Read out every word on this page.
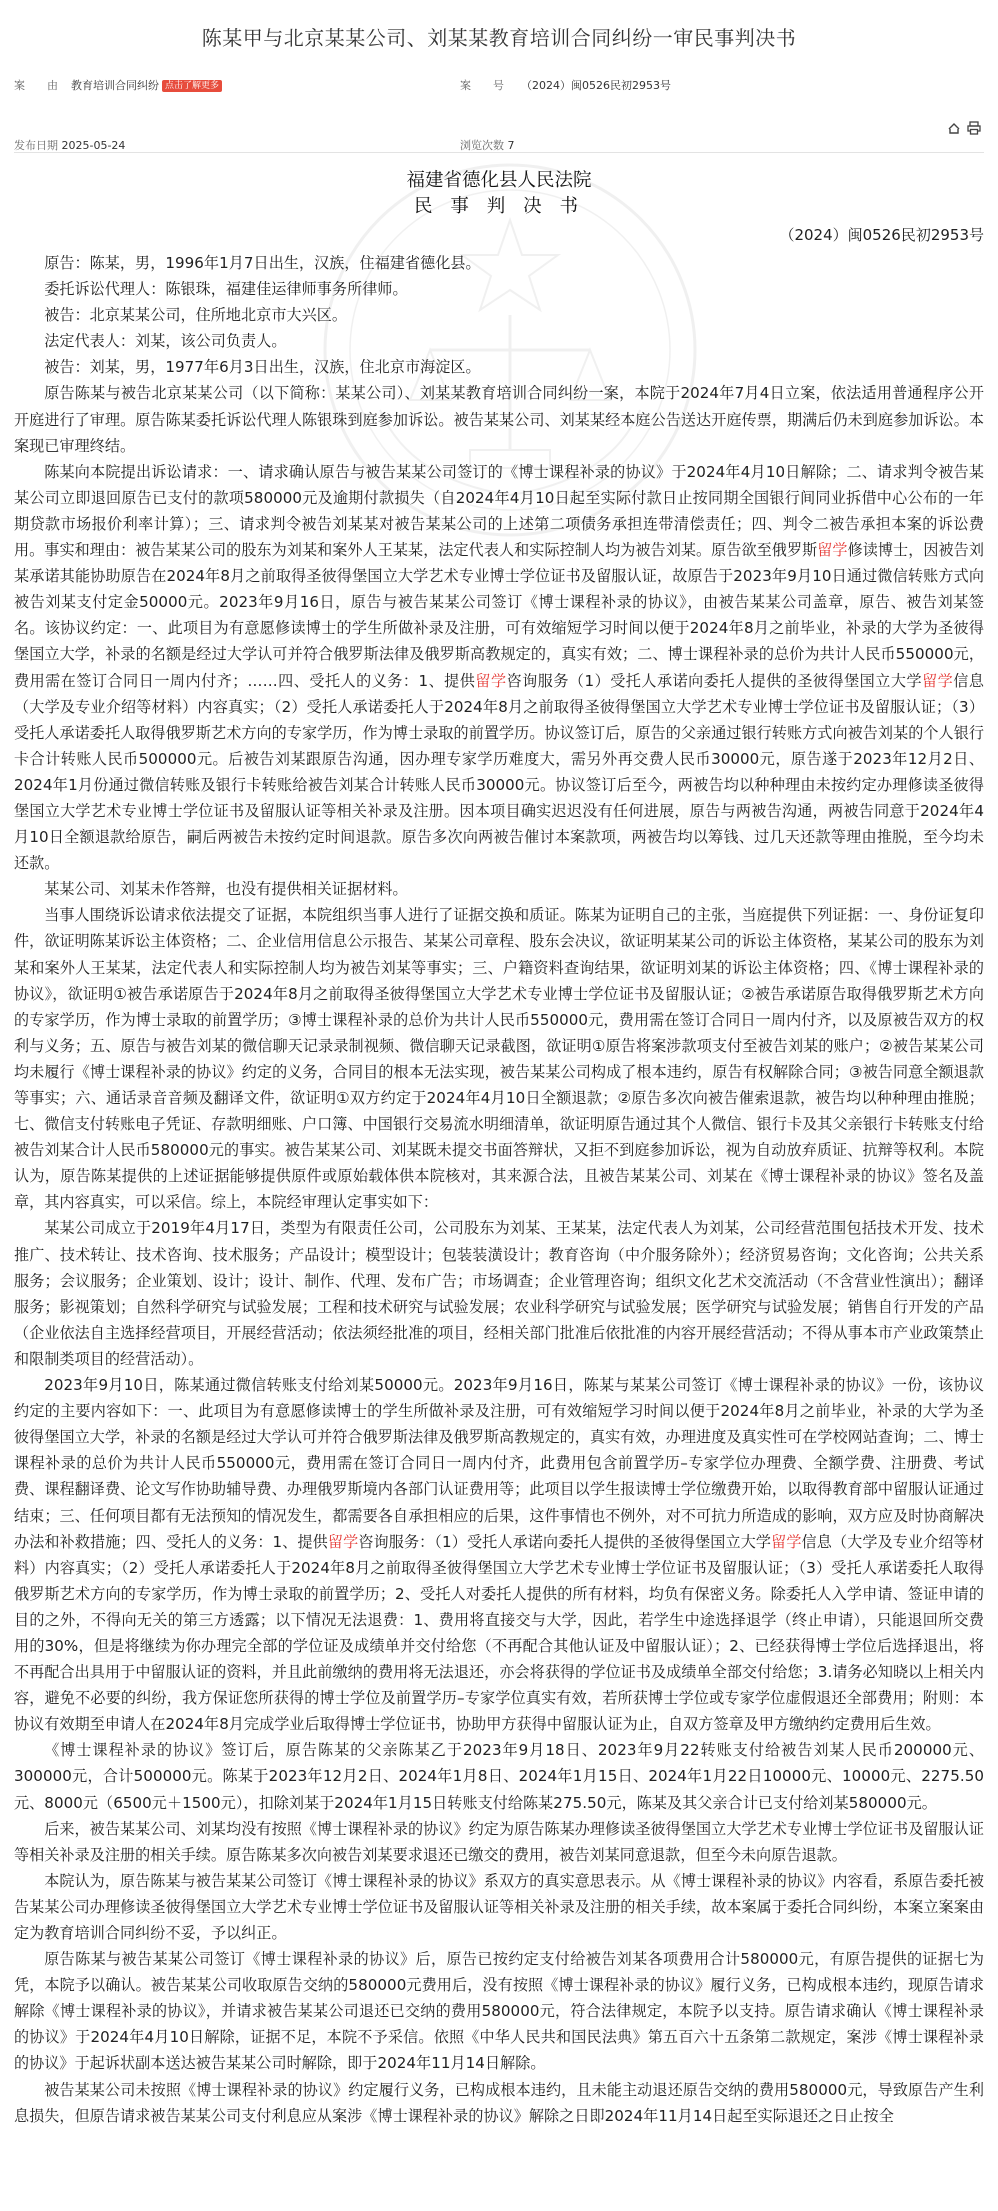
陈某甲与北京某某公司、刘某某教育培训合同纠纷一审民事判决书
案　　由 教育培训合同纠纷 点击了解更多	案　　号 （2024）闽0526民初2953号
发布日期 2025-05-24	浏览次数 7

福建省德化县人民法院

民 事 判 决 书

（2024）闽0526民初2953号

原告：陈某，男，1996年1月7日出生，汉族，住福建省德化县。

委托诉讼代理人：陈银珠，福建佳运律师事务所律师。

被告：北京某某公司，住所地北京市大兴区。

法定代表人：刘某，该公司负责人。

被告：刘某，男，1977年6月3日出生，汉族，住北京市海淀区。

原告陈某与被告北京某某公司（以下简称：某某公司）、刘某某教育培训合同纠纷一案，本院于2024年7月4日立案，依法适用普通程序公开开庭进行了审理。原告陈某委托诉讼代理人陈银珠到庭参加诉讼。被告某某公司、刘某某经本庭公告送达开庭传票，期满后仍未到庭参加诉讼。本案现已审理终结。

陈某向本院提出诉讼请求：一、请求确认原告与被告某某公司签订的《博士课程补录的协议》于2024年4月10日解除；二、请求判令被告某某公司立即退回原告已支付的款项580000元及逾期付款损失（自2024年4月10日起至实际付款日止按同期全国银行间同业拆借中心公布的一年期贷款市场报价利率计算）；三、请求判令被告刘某某对被告某某公司的上述第二项债务承担连带清偿责任；四、判令二被告承担本案的诉讼费用。事实和理由：被告某某公司的股东为刘某和案外人王某某，法定代表人和实际控制人均为被告刘某。原告欲至俄罗斯留学修读博士，因被告刘某承诺其能协助原告在2024年8月之前取得圣彼得堡国立大学艺术专业博士学位证书及留服认证，故原告于2023年9月10日通过微信转账方式向被告刘某支付定金50000元。2023年9月16日，原告与被告某某公司签订《博士课程补录的协议》，由被告某某公司盖章，原告、被告刘某签名。该协议约定：一、此项目为有意愿修读博士的学生所做补录及注册，可有效缩短学习时间以便于2024年8月之前毕业，补录的大学为圣彼得堡国立大学，补录的名额是经过大学认可并符合俄罗斯法律及俄罗斯高教规定的，真实有效；二、博士课程补录的总价为共计人民币550000元，费用需在签订合同日一周内付齐；……四、受托人的义务：1、提供留学咨询服务（1）受托人承诺向委托人提供的圣彼得堡国立大学留学信息（大学及专业介绍等材料）内容真实；（2）受托人承诺委托人于2024年8月之前取得圣彼得堡国立大学艺术专业博士学位证书及留服认证；（3）受托人承诺委托人取得俄罗斯艺术方向的专家学历，作为博士录取的前置学历。协议签订后，原告的父亲通过银行转账方式向被告刘某的个人银行卡合计转账人民币500000元。后被告刘某跟原告沟通，因办理专家学历难度大，需另外再交费人民币30000元，原告遂于2023年12月2日、2024年1月份通过微信转账及银行卡转账给被告刘某合计转账人民币30000元。协议签订后至今，两被告均以种种理由未按约定办理修读圣彼得堡国立大学艺术专业博士学位证书及留服认证等相关补录及注册。因本项目确实迟迟没有任何进展，原告与两被告沟通，两被告同意于2024年4月10日全额退款给原告，嗣后两被告未按约定时间退款。原告多次向两被告催讨本案款项，两被告均以筹钱、过几天还款等理由推脱，至今均未还款。

某某公司、刘某未作答辩，也没有提供相关证据材料。

当事人围绕诉讼请求依法提交了证据，本院组织当事人进行了证据交换和质证。陈某为证明自己的主张，当庭提供下列证据：一、身份证复印件，欲证明陈某诉讼主体资格；二、企业信用信息公示报告、某某公司章程、股东会决议，欲证明某某公司的诉讼主体资格，某某公司的股东为刘某和案外人王某某，法定代表人和实际控制人均为被告刘某等事实；三、户籍资料查询结果，欲证明刘某的诉讼主体资格；四、《博士课程补录的协议》，欲证明①被告承诺原告于2024年8月之前取得圣彼得堡国立大学艺术专业博士学位证书及留服认证；②被告承诺原告取得俄罗斯艺术方向的专家学历，作为博士录取的前置学历；③博士课程补录的总价为共计人民币550000元，费用需在签订合同日一周内付齐，以及原被告双方的权利与义务；五、原告与被告刘某的微信聊天记录录制视频、微信聊天记录截图，欲证明①原告将案涉款项支付至被告刘某的账户；②被告某某公司均未履行《博士课程补录的协议》约定的义务，合同目的根本无法实现，被告某某公司构成了根本违约，原告有权解除合同；③被告同意全额退款等事实；六、通话录音音频及翻译文件，欲证明①双方约定于2024年4月10日全额退款；②原告多次向被告催索退款，被告均以种种理由推脱；七、微信支付转账电子凭证、存款明细账、户口簿、中国银行交易流水明细清单，欲证明原告通过其个人微信、银行卡及其父亲银行卡转账支付给被告刘某合计人民币580000元的事实。被告某某公司、刘某既未提交书面答辩状，又拒不到庭参加诉讼，视为自动放弃质证、抗辩等权利。本院认为，原告陈某提供的上述证据能够提供原件或原始载体供本院核对，其来源合法，且被告某某公司、刘某在《博士课程补录的协议》签名及盖章，其内容真实，可以采信。综上，本院经审理认定事实如下：

某某公司成立于2019年4月17日，类型为有限责任公司，公司股东为刘某、王某某，法定代表人为刘某，公司经营范围包括技术开发、技术推广、技术转让、技术咨询、技术服务；产品设计；模型设计；包装装潢设计；教育咨询（中介服务除外）；经济贸易咨询；文化咨询；公共关系服务；会议服务；企业策划、设计；设计、制作、代理、发布广告；市场调查；企业管理咨询；组织文化艺术交流活动（不含营业性演出）；翻译服务；影视策划；自然科学研究与试验发展；工程和技术研究与试验发展；农业科学研究与试验发展；医学研究与试验发展；销售自行开发的产品（企业依法自主选择经营项目，开展经营活动；依法须经批准的项目，经相关部门批准后依批准的内容开展经营活动；不得从事本市产业政策禁止和限制类项目的经营活动）。

2023年9月10日，陈某通过微信转账支付给刘某50000元。2023年9月16日，陈某与某某公司签订《博士课程补录的协议》一份，该协议约定的主要内容如下：一、此项目为有意愿修读博士的学生所做补录及注册，可有效缩短学习时间以便于2024年8月之前毕业，补录的大学为圣彼得堡国立大学，补录的名额是经过大学认可并符合俄罗斯法律及俄罗斯高教规定的，真实有效，办理进度及真实性可在学校网站查询；二、博士课程补录的总价为共计人民币550000元，费用需在签订合同日一周内付齐，此费用包含前置学历–专家学位办理费、全额学费、注册费、考试费、课程翻译费、论文写作协助辅导费、办理俄罗斯境内各部门认证费用等；此项目以学生报读博士学位缴费开始，以取得教育部中留服认证通过结束；三、任何项目都有无法预知的情况发生，都需要各自承担相应的后果，这件事情也不例外，对不可抗力所造成的影响，双方应及时协商解决办法和补救措施；四、受托人的义务：1、提供留学咨询服务：（1）受托人承诺向委托人提供的圣彼得堡国立大学留学信息（大学及专业介绍等材料）内容真实；（2）受托人承诺委托人于2024年8月之前取得圣彼得堡国立大学艺术专业博士学位证书及留服认证；（3）受托人承诺委托人取得俄罗斯艺术方向的专家学历，作为博士录取的前置学历；2、受托人对委托人提供的所有材料，均负有保密义务。除委托人入学申请、签证申请的目的之外，不得向无关的第三方透露；以下情况无法退费：1、费用将直接交与大学，因此，若学生中途选择退学（终止申请），只能退回所交费用的30%，但是将继续为你办理完全部的学位证及成绩单并交付给您（不再配合其他认证及中留服认证）；2、已经获得博士学位后选择退出，将不再配合出具用于中留服认证的资料，并且此前缴纳的费用将无法退还，亦会将获得的学位证书及成绩单全部交付给您；3.请务必知晓以上相关内容，避免不必要的纠纷，我方保证您所获得的博士学位及前置学历–专家学位真实有效，若所获博士学位或专家学位虚假退还全部费用；附则：本协议有效期至申请人在2024年8月完成学业后取得博士学位证书，协助甲方获得中留服认证为止，自双方签章及甲方缴纳约定费用后生效。

《博士课程补录的协议》签订后，原告陈某的父亲陈某乙于2023年9月18日、2023年9月22转账支付给被告刘某人民币200000元、300000元，合计500000元。陈某于2023年12月2日、2024年1月8日、2024年1月15日、2024年1月22日10000元、10000元、2275.50元、8000元（6500元＋1500元），扣除刘某于2024年1月15日转账支付给陈某275.50元，陈某及其父亲合计已支付给刘某580000元。

后来，被告某某公司、刘某均没有按照《博士课程补录的协议》约定为原告陈某办理修读圣彼得堡国立大学艺术专业博士学位证书及留服认证等相关补录及注册的相关手续。原告陈某多次向被告刘某要求退还已缴交的费用，被告刘某同意退款，但至今未向原告退款。

本院认为，原告陈某与被告某某公司签订《博士课程补录的协议》系双方的真实意思表示。从《博士课程补录的协议》内容看，系原告委托被告某某公司办理修读圣彼得堡国立大学艺术专业博士学位证书及留服认证等相关补录及注册的相关手续，故本案属于委托合同纠纷，本案立案案由定为教育培训合同纠纷不妥，予以纠正。

原告陈某与被告某某公司签订《博士课程补录的协议》后，原告已按约定支付给被告刘某各项费用合计580000元，有原告提供的证据七为凭，本院予以确认。被告某某公司收取原告交纳的580000元费用后，没有按照《博士课程补录的协议》履行义务，已构成根本违约，现原告请求解除《博士课程补录的协议》，并请求被告某某公司退还已交纳的费用580000元，符合法律规定，本院予以支持。原告请求确认《博士课程补录的协议》于2024年4月10日解除，证据不足，本院不予采信。依照《中华人民共和国民法典》第五百六十五条第二款规定，案涉《博士课程补录的协议》于起诉状副本送达被告某某公司时解除，即于2024年11月14日解除。

被告某某公司未按照《博士课程补录的协议》约定履行义务，已构成根本违约，且未能主动退还原告交纳的费用580000元，导致原告产生利息损失，但原告请求被告某某公司支付利息应从案涉《博士课程补录的协议》解除之日即2024年11月14日起至实际退还之日止按全
